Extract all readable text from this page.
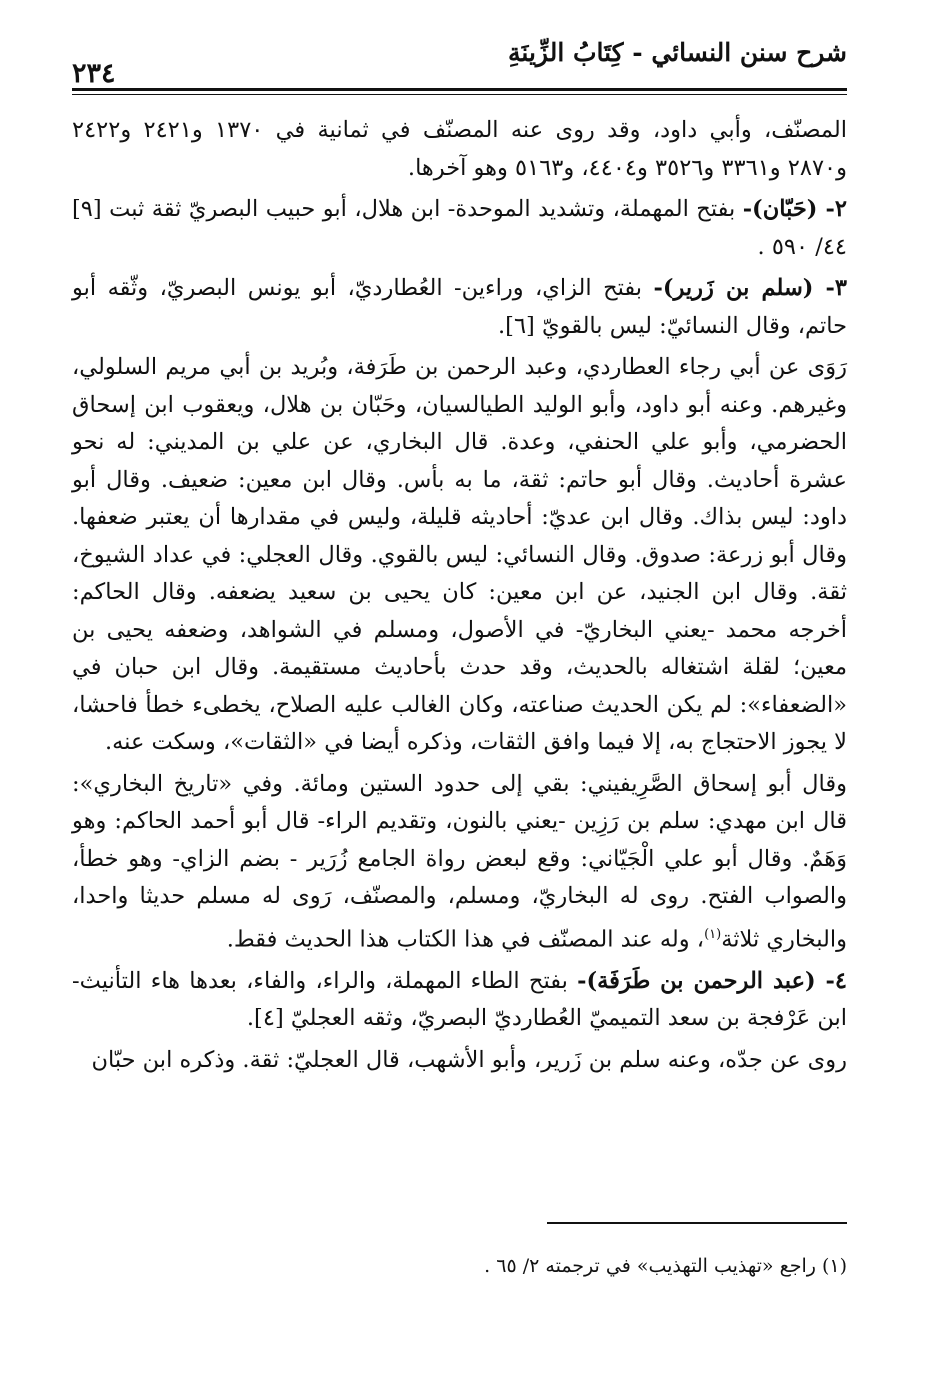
شرح سنن النسائي - كِتَابُ الزِّينَةِ
٢٣٤

المصنّف، وأبي داود، وقد روى عنه المصنّف في ثمانية في ١٣٧٠ و٢٤٢١ و٢٤٢٢ و٢٨٧٠ و٣٣٦١ و٣٥٢٦ و٤٤٠٤، و٥١٦٣ وهو آخرها.

٢- (حَبّان)- بفتح المهملة، وتشديد الموحدة- ابن هلال، أبو حبيب البصريّ ثقة ثبت [٩] ٤٤/ ٥٩٠ .

٣- (سلم بن زَرير)- بفتح الزاي، وراءين- العُطارديّ، أبو يونس البصريّ، وثّقه أبو حاتم، وقال النسائيّ: ليس بالقويّ [٦].

رَوَى عن أبي رجاء العطاردي، وعبد الرحمن بن طَرَفة، وبُريد بن أبي مريم السلولي، وغيرهم. وعنه أبو داود، وأبو الوليد الطيالسيان، وحَبّان بن هلال، ويعقوب ابن إسحاق الحضرمي، وأبو علي الحنفي، وعدة. قال البخاري، عن علي بن المديني: له نحو عشرة أحاديث. وقال أبو حاتم: ثقة، ما به بأس. وقال ابن معين: ضعيف. وقال أبو داود: ليس بذاك. وقال ابن عديّ: أحاديثه قليلة، وليس في مقدارها أن يعتبر ضعفها. وقال أبو زرعة: صدوق. وقال النسائي: ليس بالقوي. وقال العجلي: في عداد الشيوخ، ثقة. وقال ابن الجنيد، عن ابن معين: كان يحيى بن سعيد يضعفه. وقال الحاكم: أخرجه محمد -يعني البخاريّ- في الأصول، ومسلم في الشواهد، وضعفه يحيى بن معين؛ لقلة اشتغاله بالحديث، وقد حدث بأحاديث مستقيمة. وقال ابن حبان في «الضعفاء»: لم يكن الحديث صناعته، وكان الغالب عليه الصلاح، يخطىء خطأ فاحشا، لا يجوز الاحتجاج به، إلا فيما وافق الثقات، وذكره أيضا في «الثقات»، وسكت عنه.

وقال أبو إسحاق الصَّرِيفيني: بقي إلى حدود الستين ومائة. وفي «تاريخ البخاري»: قال ابن مهدي: سلم بن رَزِين -يعني بالنون، وتقديم الراء- قال أبو أحمد الحاكم: وهو وَهَمٌ. وقال أبو علي الْجَيّاني: وقع لبعض رواة الجامع زُرَير - بضم الزاي- وهو خطأ، والصواب الفتح. روى له البخاريّ، ومسلم، والمصنّف، رَوى له مسلم حديثا واحدا، والبخاري ثلاثة$^{(١)}$، وله عند المصنّف في هذا الكتاب هذا الحديث فقط.

٤- (عبد الرحمن بن طَرَفَة)- بفتح الطاء المهملة، والراء، والفاء، بعدها هاء التأنيث- ابن عَرْفجة بن سعد التميميّ العُطارديّ البصريّ، وثقه العجليّ [٤].

روى عن جدّه، وعنه سلم بن زَرير، وأبو الأشهب، قال العجليّ: ثقة. وذكره ابن حبّان

(١) راجع «تهذيب التهذيب» في ترجمته ٢/ ٦٥ .
